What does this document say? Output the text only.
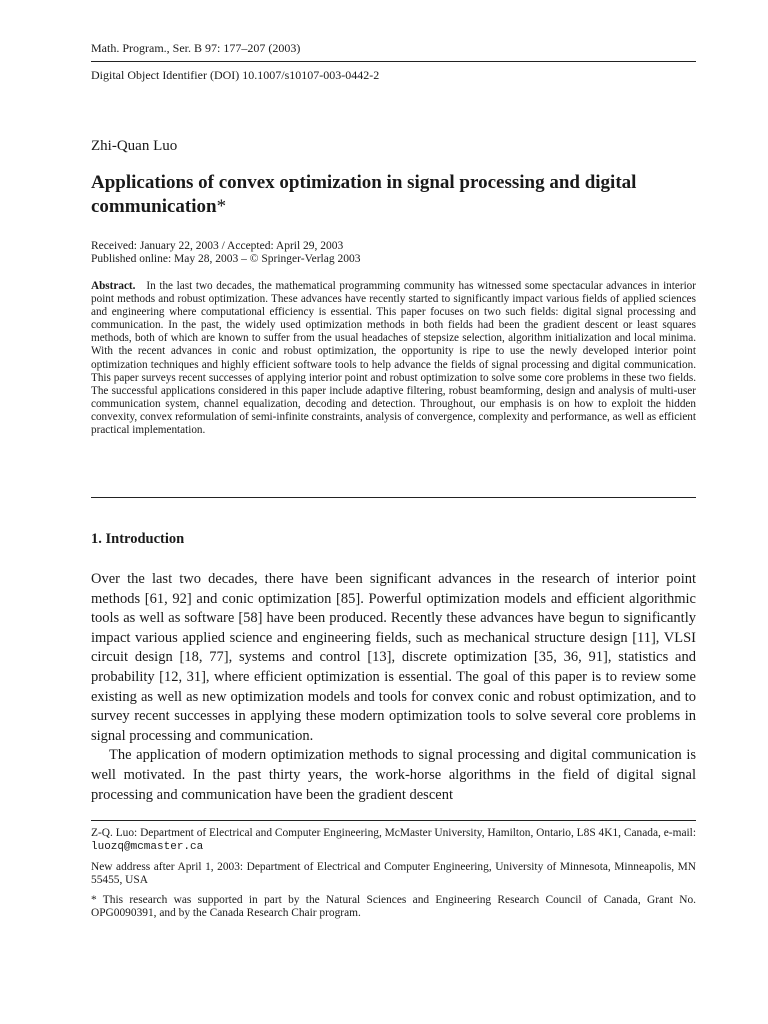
Math. Program., Ser. B 97: 177–207 (2003)
Digital Object Identifier (DOI) 10.1007/s10107-003-0442-2
Zhi-Quan Luo
Applications of convex optimization in signal processing and digital communication*
Received: January 22, 2003 / Accepted: April 29, 2003
Published online: May 28, 2003 – © Springer-Verlag 2003

Abstract. In the last two decades, the mathematical programming community has witnessed some spectacular advances in interior point methods and robust optimization. These advances have recently started to significantly impact various fields of applied sciences and engineering where computational efficiency is essential. This paper focuses on two such fields: digital signal processing and communication. In the past, the widely used optimization methods in both fields had been the gradient descent or least squares methods, both of which are known to suffer from the usual headaches of stepsize selection, algorithm initialization and local minima. With the recent advances in conic and robust optimization, the opportunity is ripe to use the newly developed interior point optimization techniques and highly efficient software tools to help advance the fields of signal processing and digital communication. This paper surveys recent successes of applying interior point and robust optimization to solve some core problems in these two fields. The successful applications considered in this paper include adaptive filtering, robust beamforming, design and analysis of multi-user communication system, channel equalization, decoding and detection. Throughout, our emphasis is on how to exploit the hidden convexity, convex reformulation of semi-infinite constraints, analysis of convergence, complexity and performance, as well as efficient practical implementation.

1. Introduction

Over the last two decades, there have been significant advances in the research of interior point methods [61, 92] and conic optimization [85]. Powerful optimization models and efficient algorithmic tools as well as software [58] have been produced. Recently these advances have begun to significantly impact various applied science and engineering fields, such as mechanical structure design [11], VLSI circuit design [18, 77], systems and control [13], discrete optimization [35, 36, 91], statistics and probability [12, 31], where efficient optimization is essential. The goal of this paper is to review some existing as well as new optimization models and tools for convex conic and robust optimization, and to survey recent successes in applying these modern optimization tools to solve several core problems in signal processing and communication.

The application of modern optimization methods to signal processing and digital communication is well motivated. In the past thirty years, the work-horse algorithms in the field of digital signal processing and communication have been the gradient descent

Z-Q. Luo: Department of Electrical and Computer Engineering, McMaster University, Hamilton, Ontario, L8S 4K1, Canada, e-mail: luozq@mcmaster.ca

New address after April 1, 2003: Department of Electrical and Computer Engineering, University of Minnesota, Minneapolis, MN 55455, USA

* This research was supported in part by the Natural Sciences and Engineering Research Council of Canada, Grant No. OPG0090391, and by the Canada Research Chair program.
